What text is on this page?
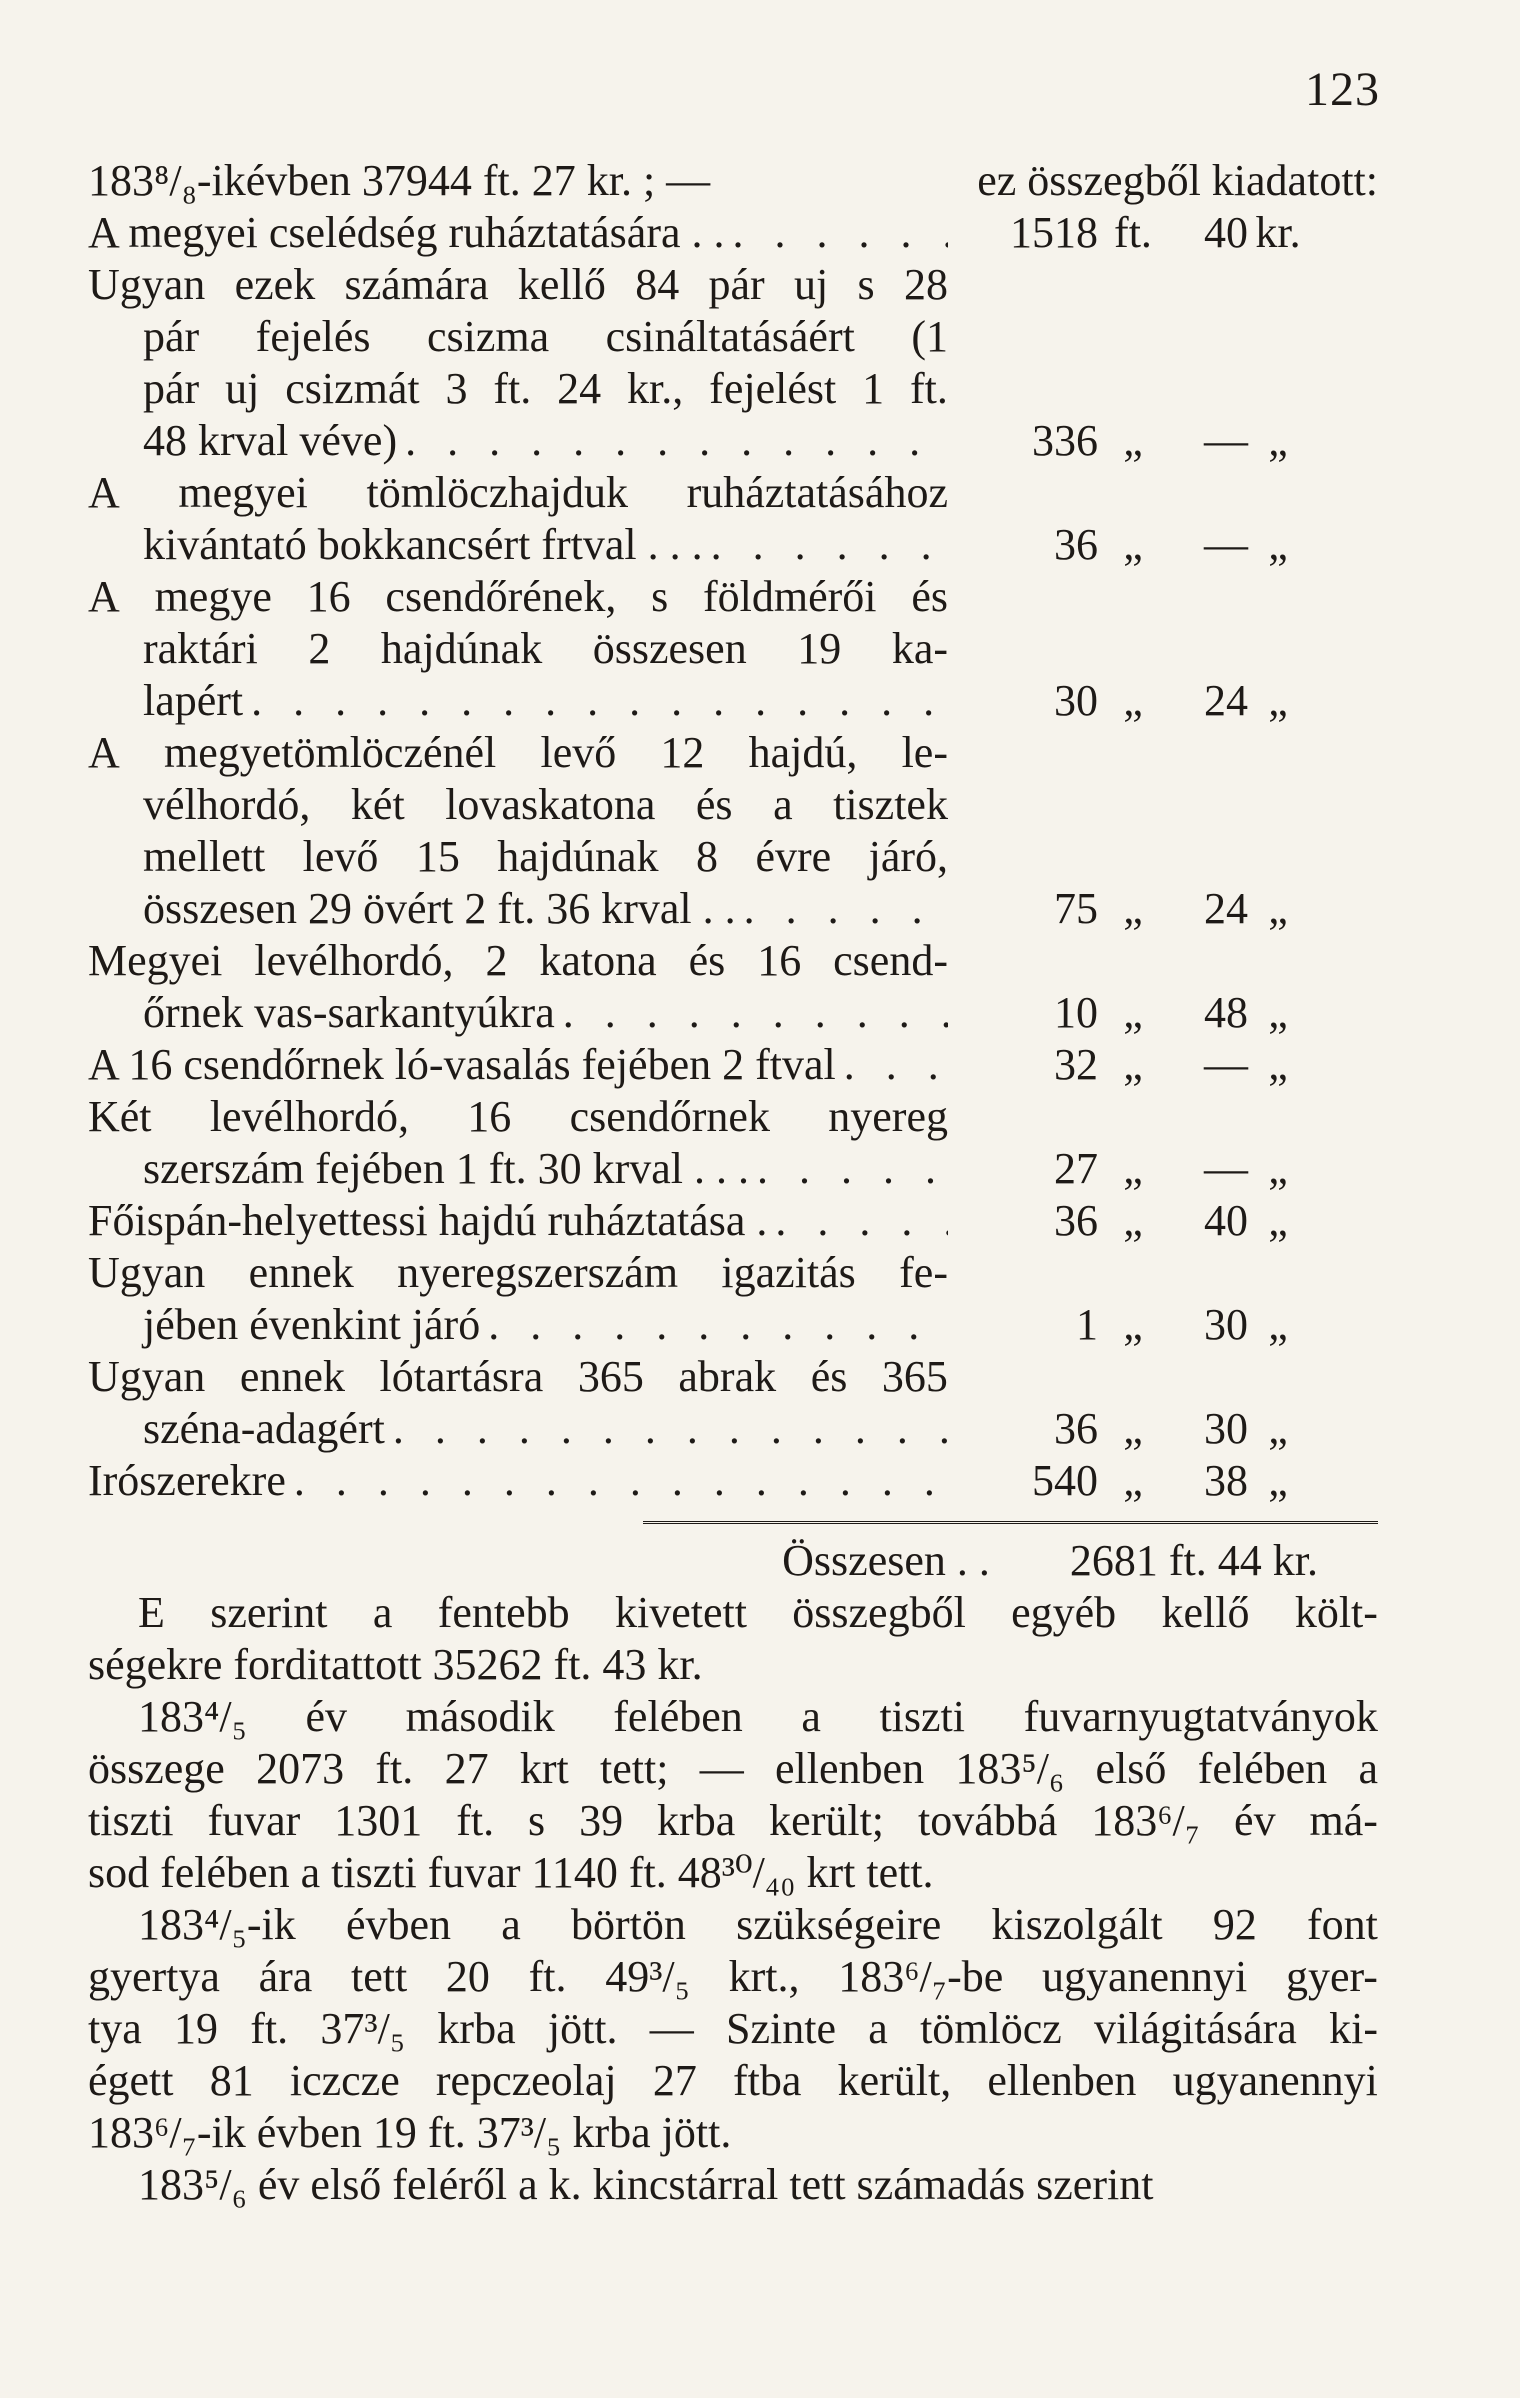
123
183⁸/₈-ikévben 37944 ft. 27 kr. ; —	ez összegből kiadatott:
A megyei cselédség ruháztatására . . . . .	1518 ft.	40 kr.
Ugyan ezek számára kellő 84 pár uj s 28
pár fejelés csizma csináltatásáért (1
pár uj csizmát 3 ft. 24 kr., fejelést 1 ft.
48 krval véve) . . .	336 „	— „
A megyei tömlöczhajduk ruháztatásához
kivántató bokkancsért frtval . . . . . .	36 „	— „
A megye 16 csendőrének, s földmérői és
raktári 2 hajdúnak összesen 19 ka-
lapért . . .	30 „	24 „
A megyetömlöczénél levő 12 hajdú, le-
vélhordó, két lovaskatona és a tisztek
mellett levő 15 hajdúnak 8 évre járó,
összesen 29 övért 2 ft. 36 krval . . . . .	75 „	24 „
Megyei levélhordó, 2 katona és 16 csend-
őrnek vas-sarkantyúkra . . .	10 „	48 „
A 16 csendőrnek ló-vasalás fejében 2 ftval . . .	32 „	— „
Két levélhordó, 16 csendőrnek nyereg
szerszám fejében 1 ft. 30 krval . . . . . .	27 „	— „
Főispán-helyettessi hajdú ruháztatása . . . .	36 „	40 „
Ugyan ennek nyeregszerszám igazitás fe-
jében évenkint járó . . .	1 „	30 „
Ugyan ennek lótartásra 365 abrak és 365
széna-adagért . . .	36 „	30 „
Irószerekre . . .	540 „	38 „
Összesen . . 2681 ft. 44 kr.
E szerint a fentebb kivetett összegből egyéb kellő költ-
ségekre forditattott 35262 ft. 43 kr.
183⁴/₅ év második felében a tiszti fuvarnyugtatványok
összege 2073 ft. 27 krt tett; — ellenben 183⁵/₆ első felében a
tiszti fuvar 1301 ft. s 39 krba került; továbbá 183⁶/₇ év má-
sod felében a tiszti fuvar 1140 ft. 48³⁰/₄₀ krt tett.
183⁴/₅-ik évben a börtön szükségeire kiszolgált 92 font
gyertya ára tett 20 ft. 49³/₅ krt., 183⁶/₇-be ugyanennyi gyer-
tya 19 ft. 37³/₅ krba jött. — Szinte a tömlöcz világitására ki-
égett 81 iczcze repczeolaj 27 ftba került, ellenben ugyanennyi
183⁶/₇-ik évben 19 ft. 37³/₅ krba jött.
183⁵/₆ év első feléről a k. kincstárral tett számadás szerint
